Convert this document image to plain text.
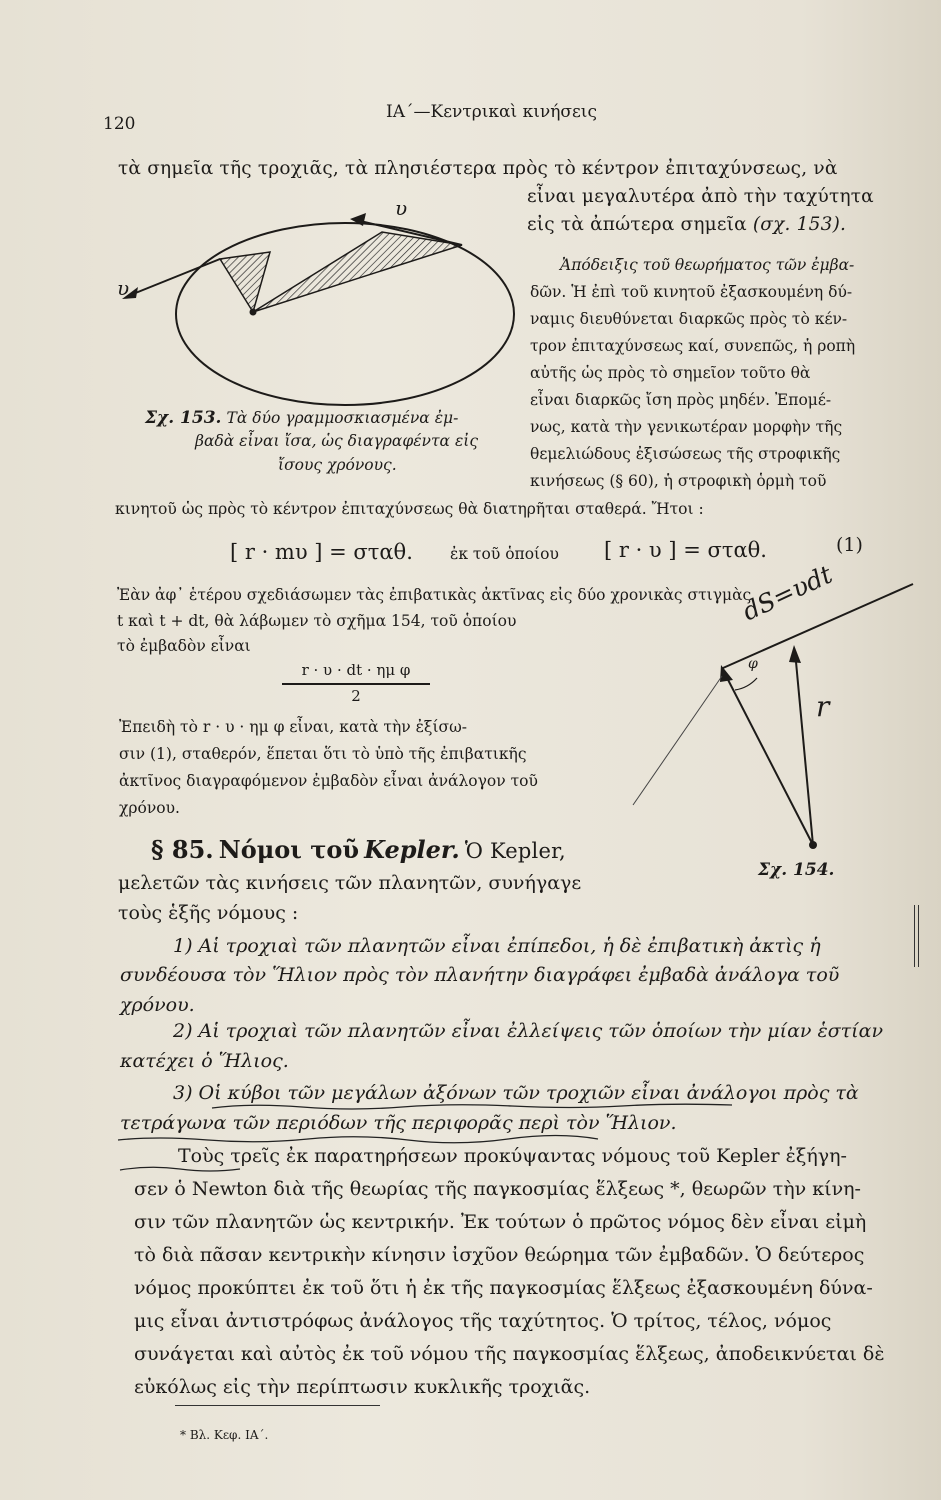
120
ΙΑ΄—Κεντρικαὶ κινήσεις
τὰ σημεῖα τῆς τροχιᾶς, τὰ πλησιέστερα πρὸς τὸ κέντρον ἐπιταχύνσεως, νὰ
εἶναι μεγαλυτέρα ἀπὸ τὴν ταχύτητα
εἰς τὰ ἀπώτερα σημεῖα (σχ. 153).
υ
υ
Σχ. 153. Τὰ δύο γραμμοσκιασμένα ἐμ-
βαδὰ εἶναι ἴσα, ὡς διαγραφέντα εἰς
ἴσους χρόνους.
Ἀπόδειξις τοῦ θεωρήματος τῶν ἐμβα-
δῶν. Ἡ ἐπὶ τοῦ κινητοῦ ἐξασκουμένη δύ-
ναμις διευθύνεται διαρκῶς πρὸς τὸ κέν-
τρον ἐπιταχύνσεως καί, συνεπῶς, ἡ ροπὴ
αὐτῆς ὡς πρὸς τὸ σημεῖον τοῦτο θὰ
εἶναι διαρκῶς ἴση πρὸς μηδέν. Ἐπομέ-
νως, κατὰ τὴν γενικωτέραν μορφὴν τῆς
θεμελιώδους ἐξισώσεως τῆς στροφικῆς
κινήσεως (§ 60), ἡ στροφικὴ ὁρμὴ τοῦ
κινητοῦ ὡς πρὸς τὸ κέντρον ἐπιταχύνσεως θὰ διατηρῆται σταθερά. Ἤτοι :
[ r · mυ ] = σταθ. ἐκ τοῦ ὁποίου [ r · υ ] = σταθ.	(1)
Ἐὰν ἀφ᾽ ἑτέρου σχεδιάσωμεν τὰς ἐπιβατικὰς ἀκτῖνας εἰς δύο χρονικὰς στιγμὰς
t καὶ t + dt, θὰ λάβωμεν τὸ σχῆμα 154, τοῦ ὁποίου
τὸ ἐμβαδὸν εἶναι
r · υ · dt · ημ φ
2
Ἐπειδὴ τὸ r · υ · ημ φ εἶναι, κατὰ τὴν ἐξίσω-
σιν (1), σταθερόν, ἕπεται ὅτι τὸ ὑπὸ τῆς ἐπιβατικῆς
ἀκτῖνος διαγραφόμενον ἐμβαδὸν εἶναι ἀνάλογον τοῦ
χρόνου.
dS=υdt
φ
r
Σχ. 154.
§ 85. Νόμοι τοῦ Kepler. Ὁ Kepler,
μελετῶν τὰς κινήσεις τῶν πλανητῶν, συνήγαγε
τοὺς ἑξῆς νόμους :
1) Αἱ τροχιαὶ τῶν πλανητῶν εἶναι ἐπίπεδοι, ἡ δὲ ἐπιβατικὴ ἀκτὶς ἡ
συνδέουσα τὸν Ἥλιον πρὸς τὸν πλανήτην διαγράφει ἐμβαδὰ ἀνάλογα τοῦ
χρόνου.
2) Αἱ τροχιαὶ τῶν πλανητῶν εἶναι ἐλλείψεις τῶν ὁποίων τὴν μίαν ἑστίαν
κατέχει ὁ Ἥλιος.
3) Οἱ κύβοι τῶν μεγάλων ἀξόνων τῶν τροχιῶν εἶναι ἀνάλογοι πρὸς τὰ
τετράγωνα τῶν περιόδων τῆς περιφορᾶς περὶ τὸν Ἥλιον.
Τοὺς τρεῖς ἐκ παρατηρήσεων προκύψαντας νόμους τοῦ Kepler ἐξήγη-
σεν ὁ Newton διὰ τῆς θεωρίας τῆς παγκοσμίας ἕλξεως *, θεωρῶν τὴν κίνη-
σιν τῶν πλανητῶν ὡς κεντρικήν. Ἐκ τούτων ὁ πρῶτος νόμος δὲν εἶναι εἰμὴ
τὸ διὰ πᾶσαν κεντρικὴν κίνησιν ἰσχῦον θεώρημα τῶν ἐμβαδῶν. Ὁ δεύτερος
νόμος προκύπτει ἐκ τοῦ ὅτι ἡ ἐκ τῆς παγκοσμίας ἕλξεως ἐξασκουμένη δύνα-
μις εἶναι ἀντιστρόφως ἀνάλογος τῆς ταχύτητος. Ὁ τρίτος, τέλος, νόμος
συνάγεται καὶ αὐτὸς ἐκ τοῦ νόμου τῆς παγκοσμίας ἕλξεως, ἀποδεικνύεται δὲ
εὐκόλως εἰς τὴν περίπτωσιν κυκλικῆς τροχιᾶς.
* Βλ. Κεφ. ΙΑ΄.
